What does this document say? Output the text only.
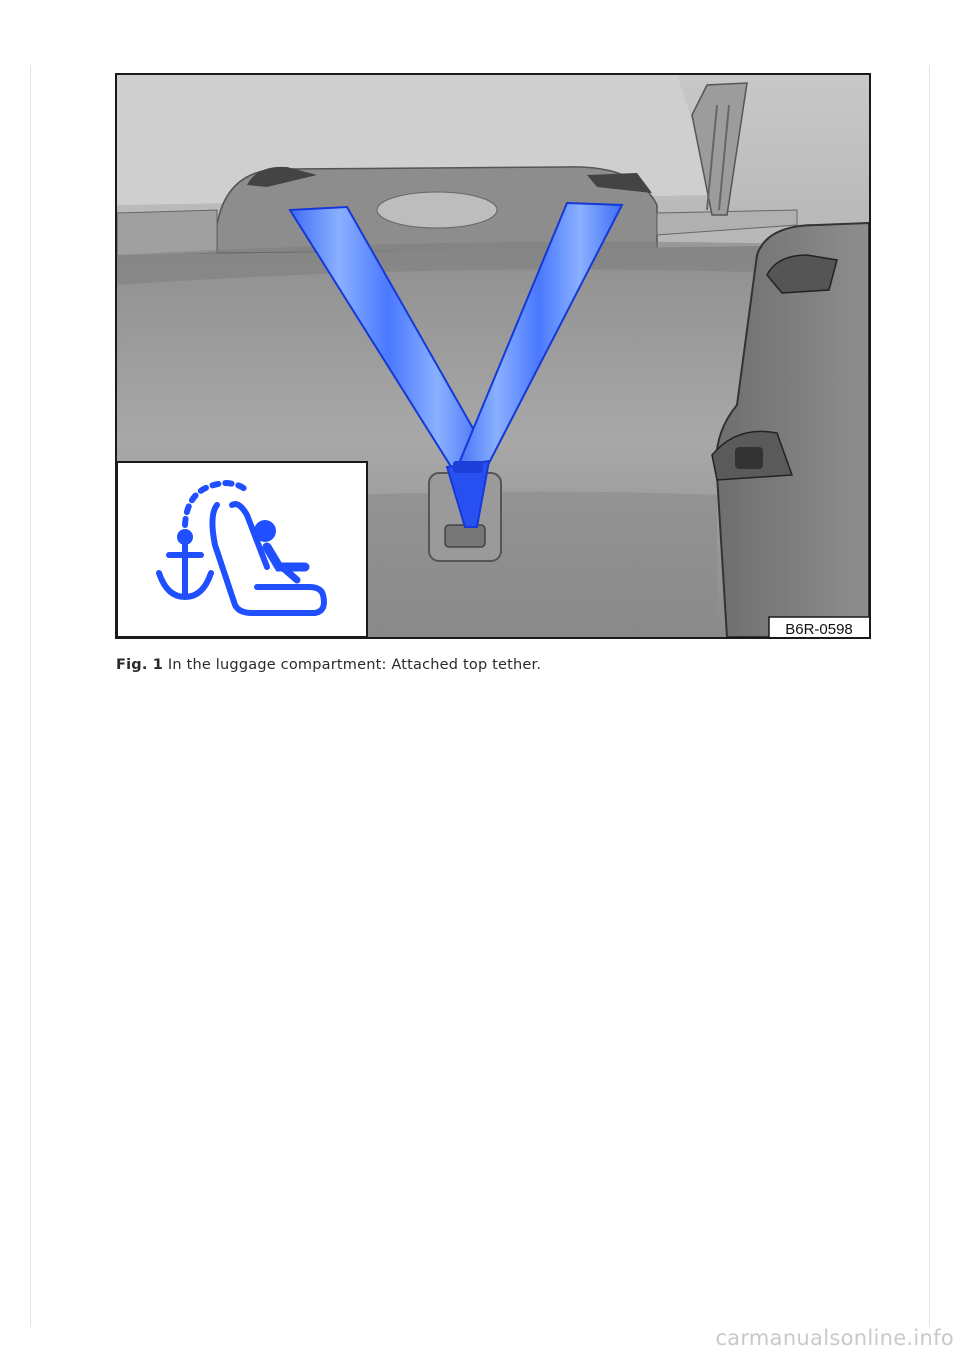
B6R-0598
Fig. 1 In the luggage compartment: Attached top tether.
carmanualsonline.info
